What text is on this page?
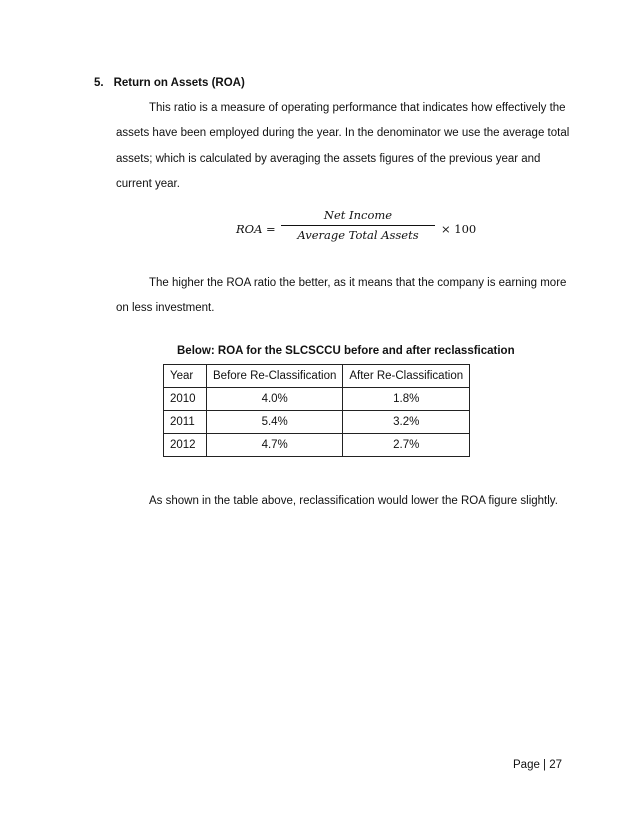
5. Return on Assets (ROA)

This ratio is a measure of operating performance that indicates how effectively the assets have been employed during the year. In the denominator we use the average total assets; which is calculated by averaging the assets figures of the previous year and current year.

ROA =
Net Income
Average Total Assets	× 100

The higher the ROA ratio the better, as it means that the company is earning more on less investment.

Below: ROA for the SLCSCCU before and after reclassfication
Year	Before Re-Classification	After Re-Classification
2010	4.0%	1.8%
2011	5.4%	3.2%
2012	4.7%	2.7%
As shown in the table above, reclassification would lower the ROA figure slightly.
Page | 27
